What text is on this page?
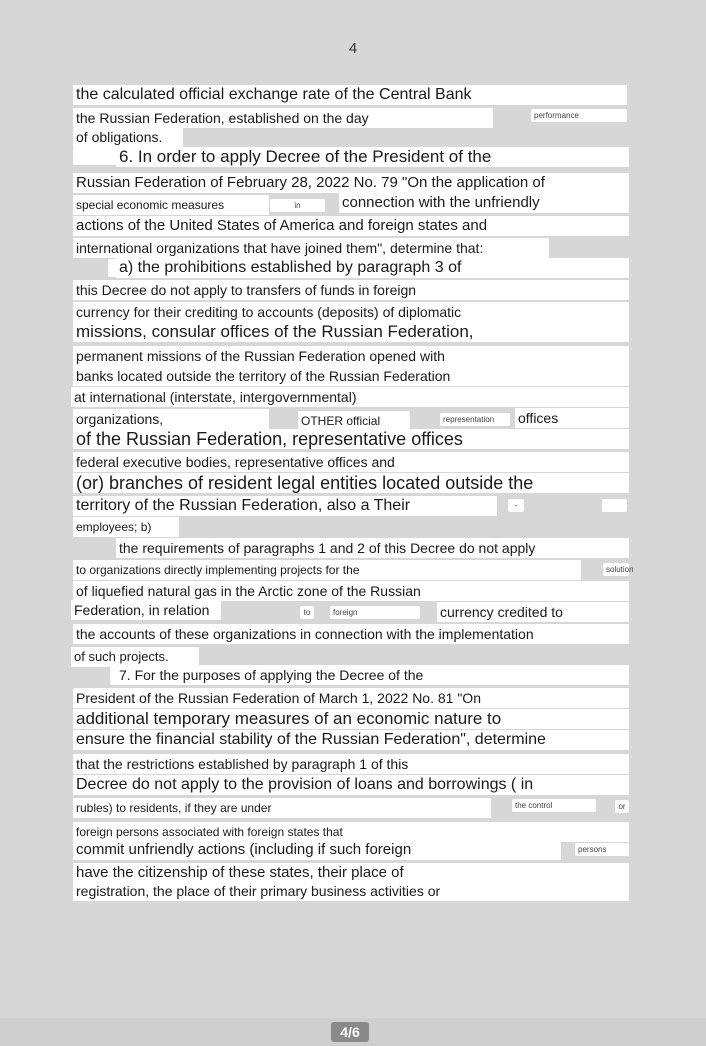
4
the calculated official exchange rate of the Central Bank
the Russian Federation, established on the day	performance
of obligations.
6. In order to apply Decree of the President of the
Russian Federation of February 28, 2022 No. 79 "On the application of
special economic measures	in	connection with the unfriendly
actions of the United States of America and foreign states and
international organizations that have joined them", determine that:
a) the prohibitions established by paragraph 3 of
this Decree do not apply to transfers of funds in foreign
currency for their crediting to accounts (deposits) of diplomatic
missions, consular offices of the Russian Federation,
permanent missions of the Russian Federation opened with
banks located outside the territory of the Russian Federation
at international (interstate, intergovernmental)
organizations,	OTHER official	representation	offices
of the Russian Federation, representative offices
federal executive bodies, representative offices and
(or) branches of resident legal entities located outside the
territory of the Russian Federation, also a Their	-
employees; b)
the requirements of paragraphs 1 and 2 of this Decree do not apply
to organizations directly implementing projects for the	solution
of liquefied natural gas in the Arctic zone of the Russian
Federation, in relation	to	foreign	currency credited to
the accounts of these organizations in connection with the implementation
of such projects.
7. For the purposes of applying the Decree of the
President of the Russian Federation of March 1, 2022 No. 81 "On
additional temporary measures of an economic nature to
ensure the financial stability of the Russian Federation", determine
that the restrictions established by paragraph 1 of this
Decree do not apply to the provision of loans and borrowings ( in
rubles) to residents, if they are under	the control	or
foreign persons associated with foreign states that
commit unfriendly actions (including if such foreign	persons
have the citizenship of these states, their place of
registration, the place of their primary business activities or
4/6
